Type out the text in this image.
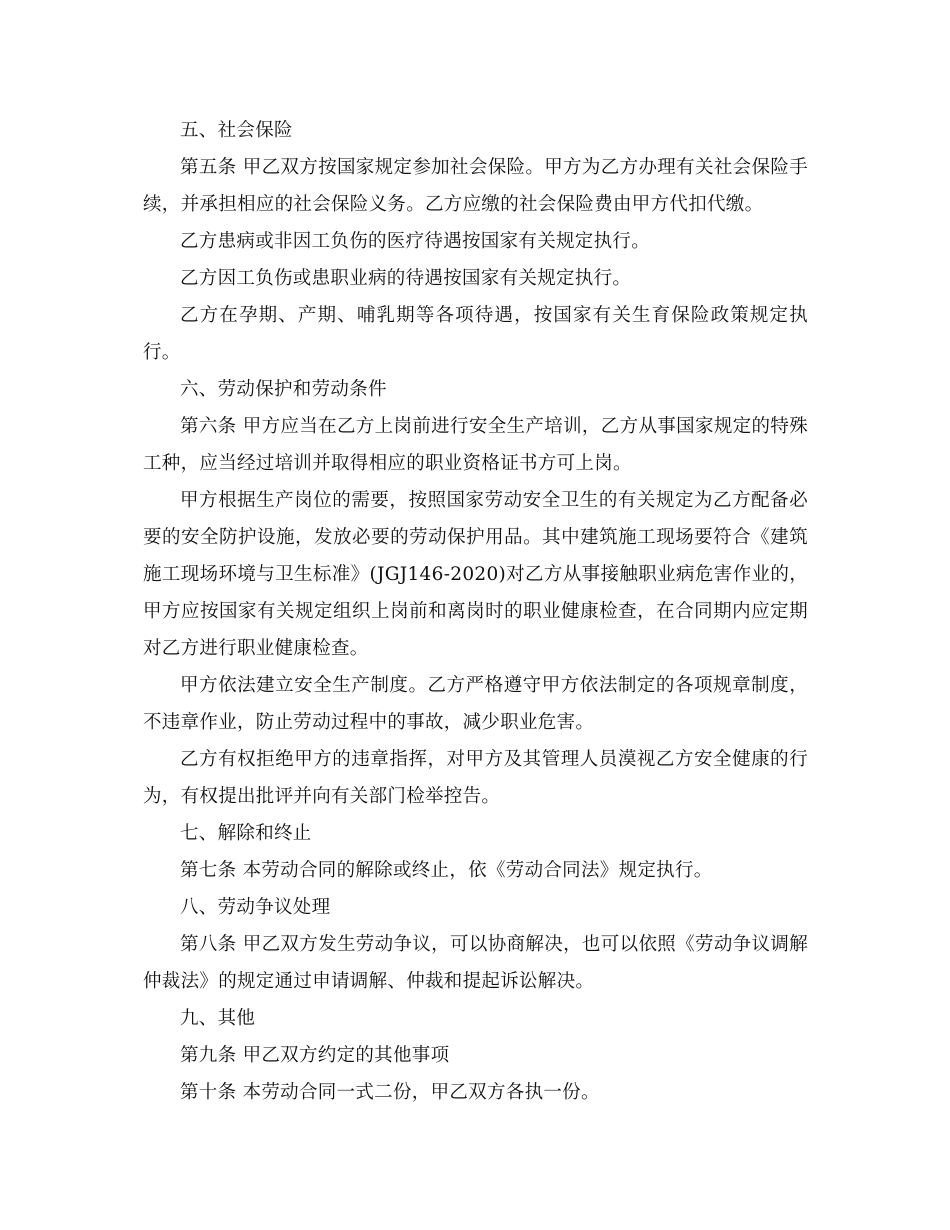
五、社会保险

第五条 甲乙双方按国家规定参加社会保险。甲方为乙方办理有关社会保险手续，并承担相应的社会保险义务。乙方应缴的社会保险费由甲方代扣代缴。

乙方患病或非因工负伤的医疗待遇按国家有关规定执行。

乙方因工负伤或患职业病的待遇按国家有关规定执行。

乙方在孕期、产期、哺乳期等各项待遇，按国家有关生育保险政策规定执行。

六、劳动保护和劳动条件

第六条 甲方应当在乙方上岗前进行安全生产培训，乙方从事国家规定的特殊工种，应当经过培训并取得相应的职业资格证书方可上岗。

甲方根据生产岗位的需要，按照国家劳动安全卫生的有关规定为乙方配备必要的安全防护设施，发放必要的劳动保护用品。其中建筑施工现场要符合《建筑施工现场环境与卫生标准》(JGJ146-2020)对乙方从事接触职业病危害作业的，甲方应按国家有关规定组织上岗前和离岗时的职业健康检查，在合同期内应定期对乙方进行职业健康检查。

甲方依法建立安全生产制度。乙方严格遵守甲方依法制定的各项规章制度，不违章作业，防止劳动过程中的事故，减少职业危害。

乙方有权拒绝甲方的违章指挥，对甲方及其管理人员漠视乙方安全健康的行为，有权提出批评并向有关部门检举控告。

七、解除和终止

第七条 本劳动合同的解除或终止，依《劳动合同法》规定执行。

八、劳动争议处理

第八条 甲乙双方发生劳动争议，可以协商解决，也可以依照《劳动争议调解仲裁法》的规定通过申请调解、仲裁和提起诉讼解决。

九、其他

第九条 甲乙双方约定的其他事项

第十条 本劳动合同一式二份，甲乙双方各执一份。
